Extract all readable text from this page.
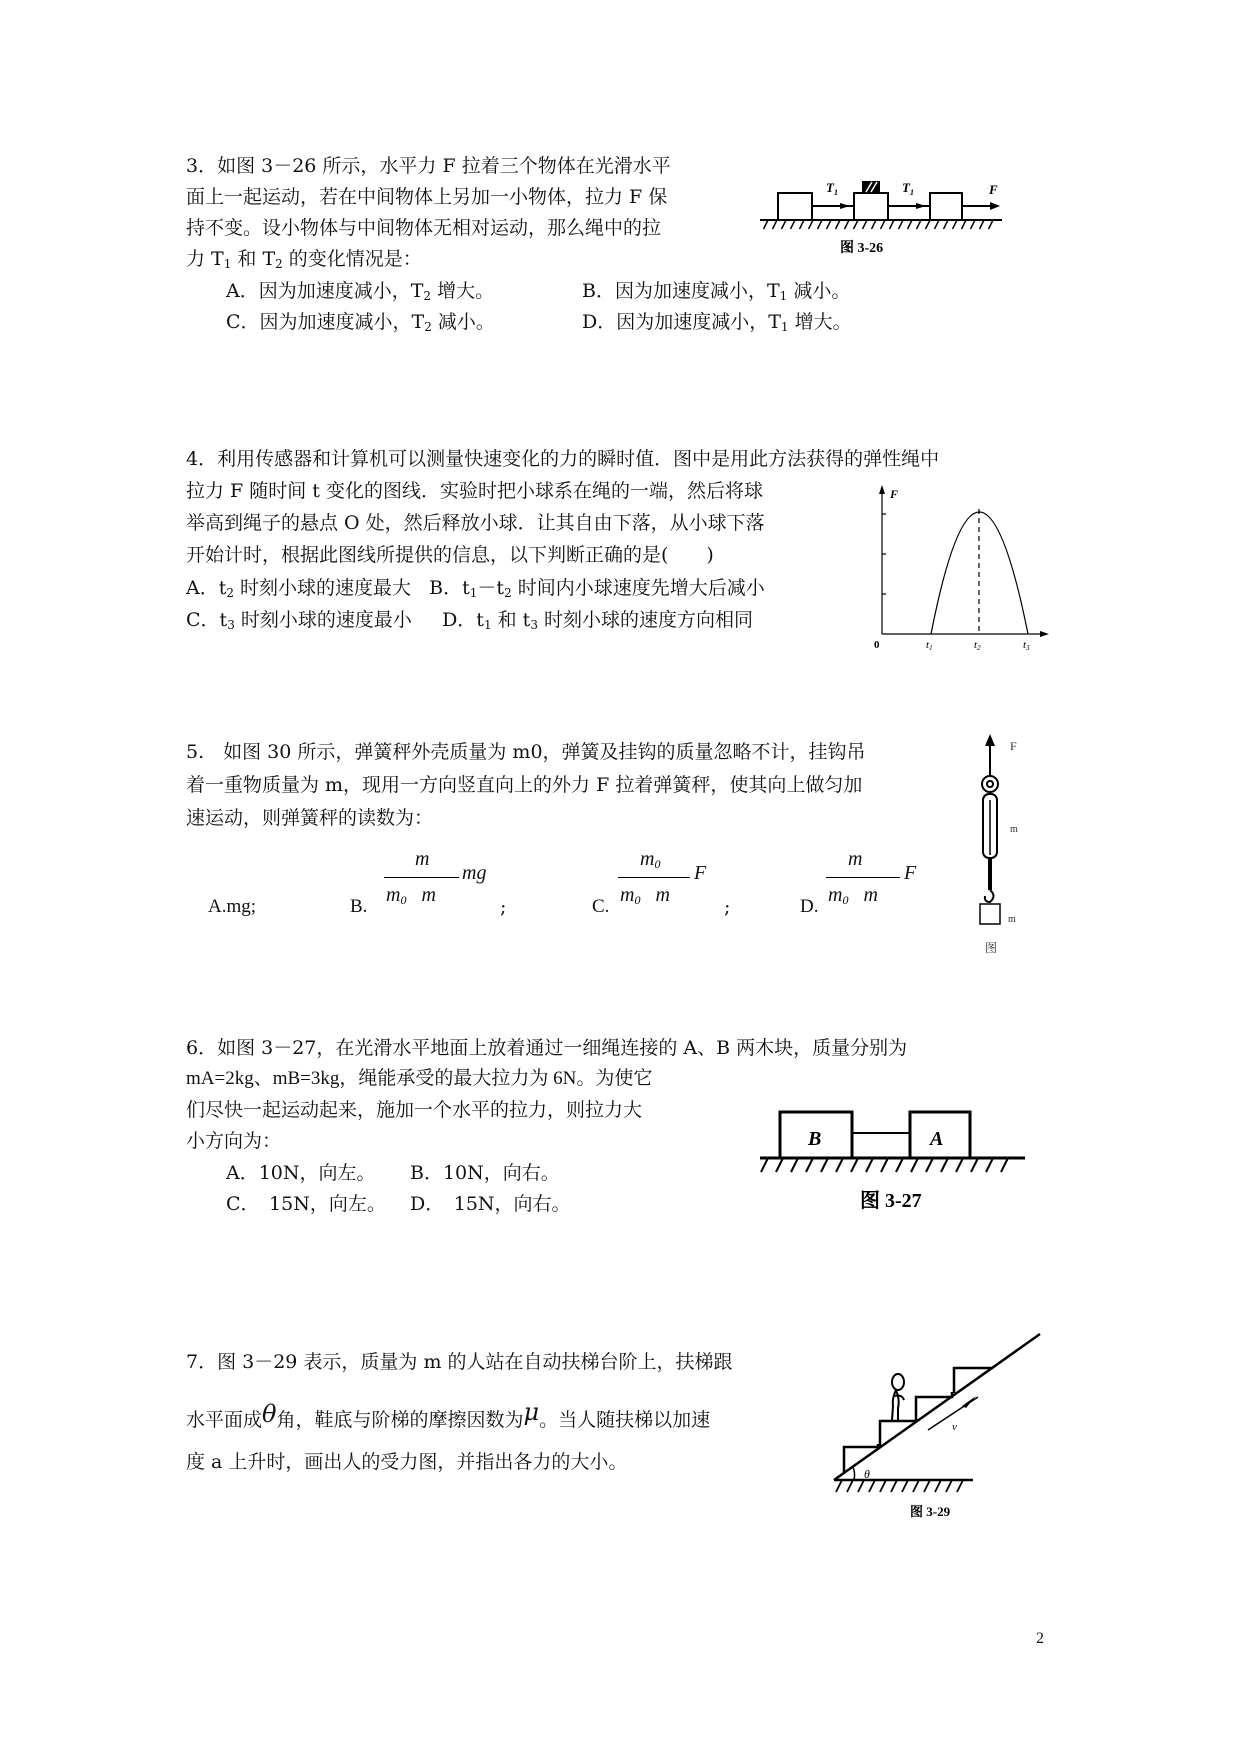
3．如图 3－26 所示，水平力 F 拉着三个物体在光滑水平
面上一起运动，若在中间物体上另加一小物体，拉力 F 保
持不变。设小物体与中间物体无相对运动，那么绳中的拉
力 $T_1$ 和 $T_2$ 的变化情况是：
A．因为加速度减小，$T_2$ 增大。	B．因为加速度减小，$T_1$ 减小。
C．因为加速度减小，$T_2$ 减小。	D．因为加速度减小，$T_1$ 增大。
$T_1$	$T_1$	F
图 3-26
4．利用传感器和计算机可以测量快速变化的力的瞬时值．图中是用此方法获得的弹性绳中
拉力 F 随时间 t 变化的图线．实验时把小球系在绳的一端，然后将球
举高到绳子的悬点 O 处，然后释放小球．让其自由下落，从小球下落
开始计时，根据此图线所提供的信息，以下判断正确的是(　　)
A．$t_2$ 时刻小球的速度最大 B．$t_1-t_2$ 时间内小球速度先增大后减小
C．$t_3$ 时刻小球的速度最小 D．$t_1$ 和 $t_3$ 时刻小球的速度方向相同
F
0	t1	t2	t3
5.　如图 30 所示，弹簧秤外壳质量为 m0，弹簧及挂钩的质量忽略不计，挂钩吊
着一重物质量为 m，现用一方向竖直向上的外力 F 拉着弹簧秤，使其向上做匀加
速运动，则弹簧秤的读数为：
A.mg;	B.
m
$m_0$ m
mg
;	C.
$m_0$
$m_0$ m
F
;	D.
m
$m_0$ m
F
F
m
m
图
6．如图 3－27，在光滑水平地面上放着通过一细绳连接的 A、B 两木块，质量分别为
mA=2kg、mB=3kg，绳能承受的最大拉力为 6N。为使它
们尽快一起运动起来，施加一个水平的拉力，则拉力大
小方向为：
A．10N，向左。 B．10N，向右。
C．　15N，向左。 D．　15N，向右。
B	A
图 3-27
7．图 3－29 表示，质量为 m 的人站在自动扶梯台阶上，扶梯跟
水平面成θ角，鞋底与阶梯的摩擦因数为μ。当人随扶梯以加速
度 a 上升时，画出人的受力图，并指出各力的大小。
θ
v
图 3-29
2
